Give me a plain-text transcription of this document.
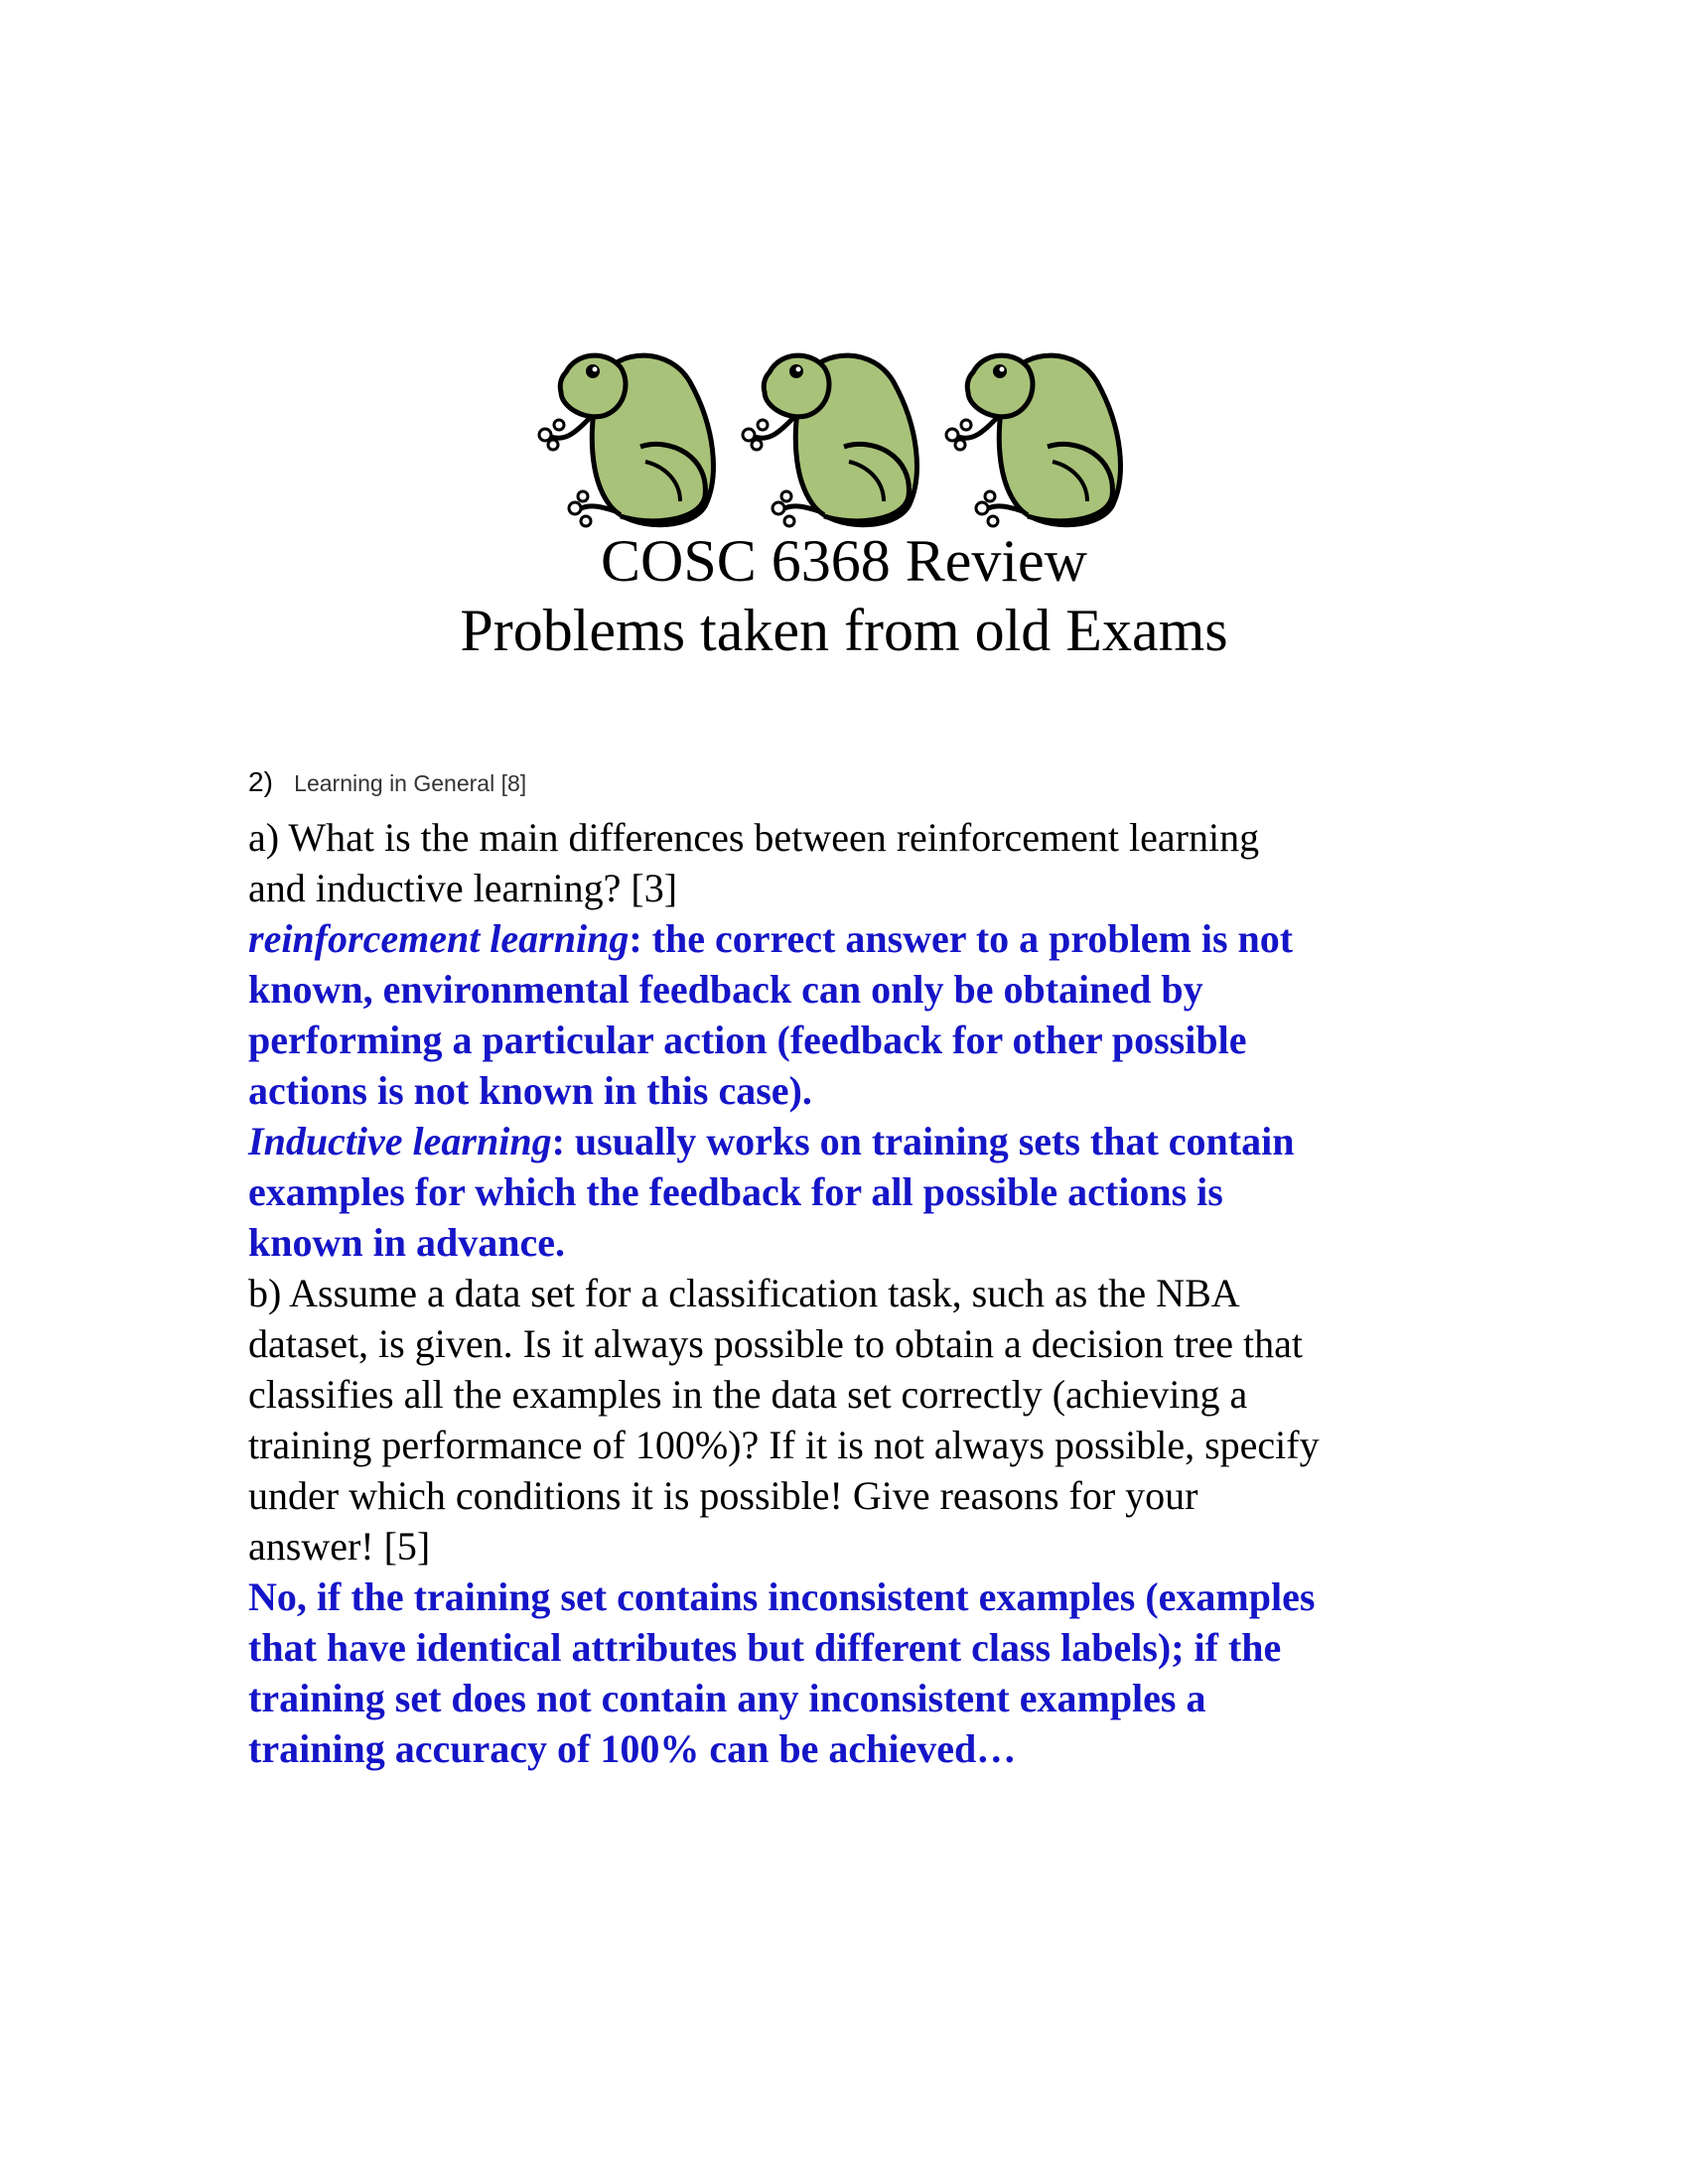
COSC 6368 Review
Problems taken from old Exams
2) Learning in General [8]

a) What is the main differences between reinforcement learning
and inductive learning? [3]

reinforcement learning: the correct answer to a problem is not
known, environmental feedback can only be obtained by
performing a particular action (feedback for other possible
actions is not known in this case).

Inductive learning: usually works on training sets that contain
examples for which the feedback for all possible actions is
known in advance.

b) Assume a data set for a classification task, such as the NBA
dataset, is given. Is it always possible to obtain a decision tree that
classifies all the examples in the data set correctly (achieving a
training performance of 100%)? If it is not always possible, specify
under which conditions it is possible! Give reasons for your
answer! [5]

No, if the training set contains inconsistent examples (examples
that have identical attributes but different class labels); if the
training set does not contain any inconsistent examples a
training accuracy of 100% can be achieved…
